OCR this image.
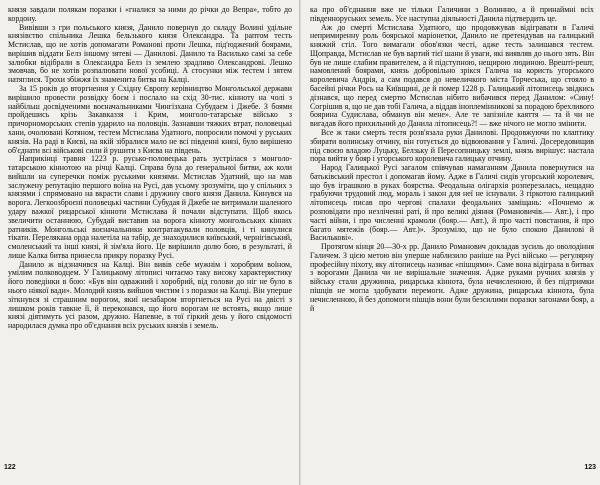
князя завдали полякам поразки і «гналися за ними до річки до Вепра», тобто до кордону.

Вивівши з гри польського князя, Данило повернув до складу Волині удільне князівство спільника Лешка бельзького князя Олександра. Та раптом тесть Мстислав, що не хотів допомагати Романові проти Лешка, під'юджений боярами, вирішив віддати Белз іншому зятеві — Данилові. Данило та Василько самі за себе залюбки відібрали в Олександра Белз із землею зрадливо Олександрові. Лешко змовчав, бо не хотів розпалювати нової усобиці. А стосунки між тестем і зятем натяглися. Трохи збіжжя їх знаменита битва на Калці.

За 15 років до вторгнення у Східну Європу керівництво Монгольської держави вирішило провести розвідку боєм і послало на схід 30-тис. кінноту на чолі з найбільш досвідченими воєначальниками Чингізхана Субудаєм і Джебе. З боями пройдешись крізь Закавказзя і Крим, монголо-татарське військо з причорноморських степів ударило на половців. Зазнавши тяжких втрат, половецькі хани, очолювані Котяном, тестем Мстислава Удатного, попросили помочі у руських князів. На раді в Києві, на якій зібралися мало не всі південні князі, було вирішено об'єднати всі військові сили й рушити з Києва на південь.

Наприкінці травня 1223 р. русько-половецька рать зустрілася з монголо-татарською кіннотою на річці Калці. Справа була до генеральної битви, аж коли вийшли на суперечки поміж руськими князями. Мстислав Удатний, що на мав заслужену репутацію першого воїна на Русі, дав усьому зрозуміти, що у спільних з князями і спрямовано на вкрасти слави і дружину свого князя Данила. Кинувся на ворога. Легкоозброєні половецькі частини Субудая й Джебе не витримали шаленого удару важкої рицарської кінноти Мстислава й почали відступати. Щоб якось звеличити останнюю, Субудай виставив на ворога кінноту монгольських кінних ратників. Монгольські воєначальники контратакували половців, і ті кинулися тікати. Перелякана орда налетіла на табір, де знаходилися київський, чернігівський, смоленський та інші князі, й зім'яла його. Це вирішило долю бою, в результаті, й лише Калка битва принесла прикру поразку Русі.

Данило ж відзначився на Калці. Він вивів себе мужнім і хоробрим воїном, умілим полководцем. У Галицькому літописі читаємо таку високу характеристику його поведінки в бою: «Був він одважний і хоробрий, від голови до ніг не було в нього ніякої вади». Молодий князь вийшов чистим і з поразки на Калці. Він уперше зіткнувся зі страшним ворогом, якиї незабаром вторгнеться на Русі на двісті з лишком років тавкне її, й переконався, що його ворогам не встоять, якщо лише князі діятимуть усі разом, дружно. Напевне, в тої гіркий день у його свідомості народилася думка про об'єднання всіх руських князів і земель.

122

ка про об'єднання вже не тільки Галичини з Волинню, а й принаймні всіх південноруських земель. Усе наступна діяльності Данила підтвердить це.

Аж до смерті Мстислава Удатного, що продовжував відігравати в Галичі непримиренну роль боярської маріонетки, Данило не претендував на галицький княжий стіл. Того вимагали обов'язки честі, адже тесть залишався тестем. Щоправда, Мстислав не був вартий тієї шани й уваги, які виявляв до нього зять. Він був не лише слабим правителем, а й підступною, нещирою людиною. Врешті-решт, намовлений боярами, князь добровільно зрікся Галича на користь угорського королевича Андрія, а сам подався до невеличкого міста Торчеська, що стояло в басейні річки Рось на Київщині, де й помер 1228 р. Галицький літописець звідкись дізнався, що перед смертю Мстислав нібито вибачився перед Данилом: «Сину! Согрішив я, що не дав тобі Галича, а віддав іноплемінникові за порадою брехливого боярина Судислава, обманув він мене». Але те запізніле каяття — та й чи не вигадав його прихильний до Данила літописець?! — вже нічого не могло змінити.

Все ж таки смерть тестя розв'язала руки Данилові. Продовжуючи по клаптику збирати волинську отчину, він готується до відвоювання у Галичі. Досередовищив під своєю владою Луцьку, Белзьку й Пересопницьку землі, князь вирішує: настала пора вийти у бояр і угорського королевича галицьку отчину.

Народ Галицької Русі загалом співчував намаганням Данила повернутися на батьківський престол і допомагав йому. Адже в Галичі сидів угорський королевич, що був іграшкою в руках боярства. Феодальна олігархія розперезалась, нещадно грабуючи трудовий люд, мораль і закон для неї не існували. З гіркотою галицький літописець писав про чергові спалахи феодальних заміщань: «Почнемо ж розповідати про незліченні раті, й про великі діяння (Романовичів.— Авт.), і про часті війни, і про численні крамоли (бояр.— Авт.), й про часті повстання, й про багато мятежів (бояр.— Авт.)». Зрозуміло, що не було спокою Данилові й Василькові».

Протягом кінця 20—30-х рр. Данило Романович докладав зусиль до оволодіння Галичем. З цією метою він уперше наблизило раніше на Русі військо — регулярну професійну піхоту, яку літописець називає «пішцями». Саме вона відіграла в битвах з ворогами Данила чи не вирішальне значення. Адже руками ручних князів у війську стали дружинна, рицарська кіннота, була нечисленною, й без підтримки пішців не могла здобувати перемоги. Адже дружина, рицарська кіннота, була нечисленною, й без допомоги пішців вони були безсилими поразки загонами бояр, а й

123
